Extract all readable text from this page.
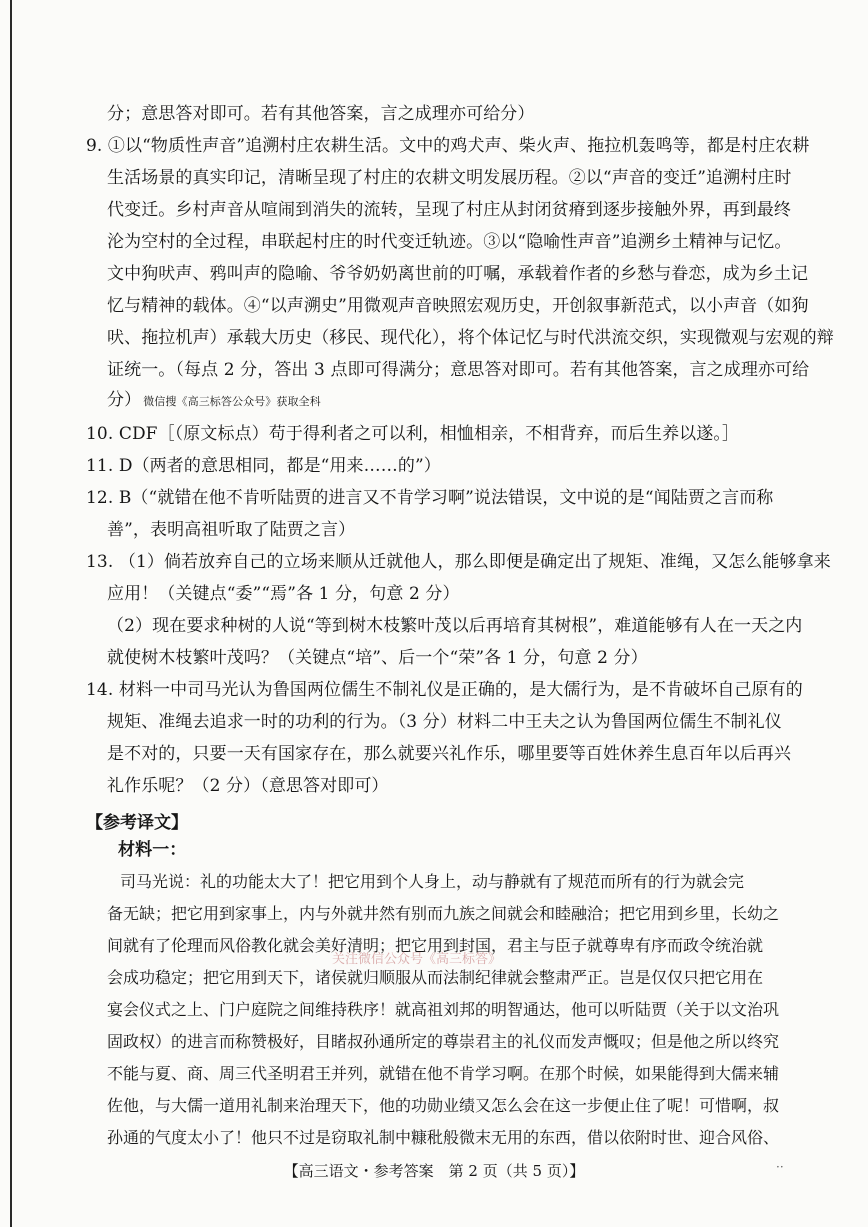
分；意思答对即可。若有其他答案，言之成理亦可给分）
9. ①以“物质性声音”追溯村庄农耕生活。文中的鸡犬声、柴火声、拖拉机轰鸣等，都是村庄农耕
生活场景的真实印记，清晰呈现了村庄的农耕文明发展历程。②以“声音的变迁”追溯村庄时
代变迁。乡村声音从喧闹到消失的流转，呈现了村庄从封闭贫瘠到逐步接触外界，再到最终
沦为空村的全过程，串联起村庄的时代变迁轨迹。③以“隐喻性声音”追溯乡土精神与记忆。
文中狗吠声、鸦叫声的隐喻、爷爷奶奶离世前的叮嘱，承载着作者的乡愁与眷恋，成为乡土记
忆与精神的载体。④“以声溯史”用微观声音映照宏观历史，开创叙事新范式，以小声音（如狗
吠、拖拉机声）承载大历史（移民、现代化），将个体记忆与时代洪流交织，实现微观与宏观的辩
证统一。（每点 2 分，答出 3 点即可得满分；意思答对即可。若有其他答案，言之成理亦可给
分） 微信搜《高三标答公众号》获取全科
10. CDF［（原文标点）苟于得利者之可以利，相恤相亲，不相背弃，而后生养以遂。］
11. D（两者的意思相同，都是“用来……的”）
12. B（“就错在他不肯听陆贾的进言又不肯学习啊”说法错误，文中说的是“闻陆贾之言而称
善”，表明高祖听取了陆贾之言）
13. （1）倘若放弃自己的立场来顺从迁就他人，那么即便是确定出了规矩、准绳，又怎么能够拿来
应用！（关键点“委”“焉”各 1 分，句意 2 分）
（2）现在要求种树的人说“等到树木枝繁叶茂以后再培育其树根”，难道能够有人在一天之内
就使树木枝繁叶茂吗？（关键点“培”、后一个“荣”各 1 分，句意 2 分）
14. 材料一中司马光认为鲁国两位儒生不制礼仪是正确的，是大儒行为，是不肯破坏自己原有的
规矩、准绳去追求一时的功利的行为。（3 分）材料二中王夫之认为鲁国两位儒生不制礼仪
是不对的，只要一天有国家存在，那么就要兴礼作乐，哪里要等百姓休养生息百年以后再兴
礼作乐呢？（2 分）（意思答对即可）
【参考译文】
材料一：
司马光说：礼的功能太大了！把它用到个人身上，动与静就有了规范而所有的行为就会完
备无缺；把它用到家事上，内与外就井然有别而九族之间就会和睦融洽；把它用到乡里，长幼之
间就有了伦理而风俗教化就会美好清明；把它用到封国，君主与臣子就尊卑有序而政令统治就
会成功稳定；把它用到天下，诸侯就归顺服从而法制纪律就会整肃严正。岂是仅仅只把它用在
宴会仪式之上、门户庭院之间维持秩序！就高祖刘邦的明智通达，他可以听陆贾（关于以文治巩
固政权）的进言而称赞极好，目睹叔孙通所定的尊崇君主的礼仪而发声慨叹；但是他之所以终究
不能与夏、商、周三代圣明君王并列，就错在他不肯学习啊。在那个时候，如果能得到大儒来辅
佐他，与大儒一道用礼制来治理天下，他的功勋业绩又怎么会在这一步便止住了呢！可惜啊，叔
孙通的气度太小了！他只不过是窃取礼制中糠秕般微末无用的东西，借以依附时世、迎合风俗、
关注微信公众号《高三标答》
【高三语文・参考答案　第 2 页（共 5 页）】	··
